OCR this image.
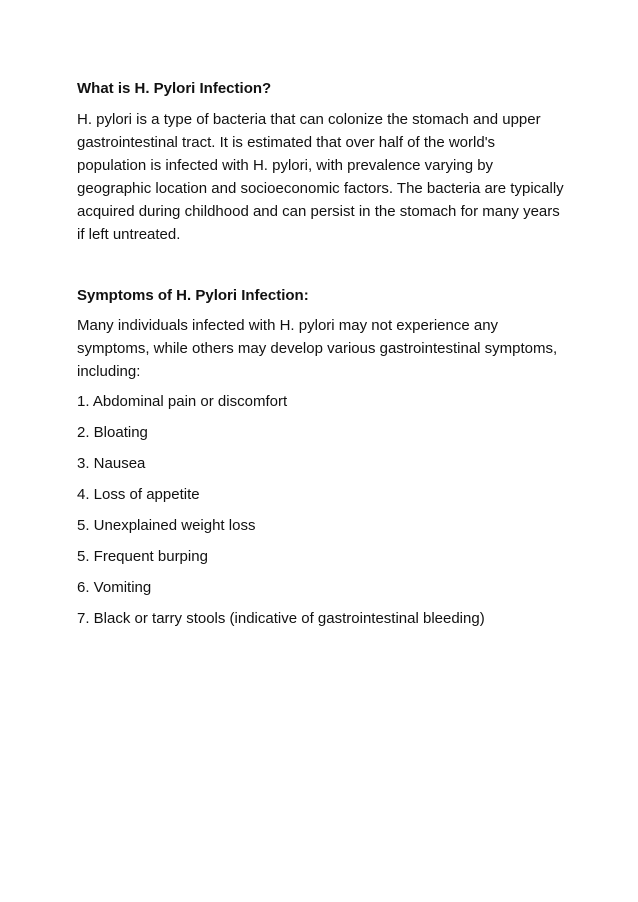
What is H. Pylori Infection?

H. pylori is a type of bacteria that can colonize the stomach and upper gastrointestinal tract. It is estimated that over half of the world's population is infected with H. pylori, with prevalence varying by geographic location and socioeconomic factors. The bacteria are typically acquired during childhood and can persist in the stomach for many years if left untreated.

Symptoms of H. Pylori Infection:

Many individuals infected with H. pylori may not experience any symptoms, while others may develop various gastrointestinal symptoms, including:

1. Abdominal pain or discomfort
2. Bloating
3. Nausea
4. Loss of appetite
5. Unexplained weight loss
5. Frequent burping
6. Vomiting
7. Black or tarry stools (indicative of gastrointestinal bleeding)
